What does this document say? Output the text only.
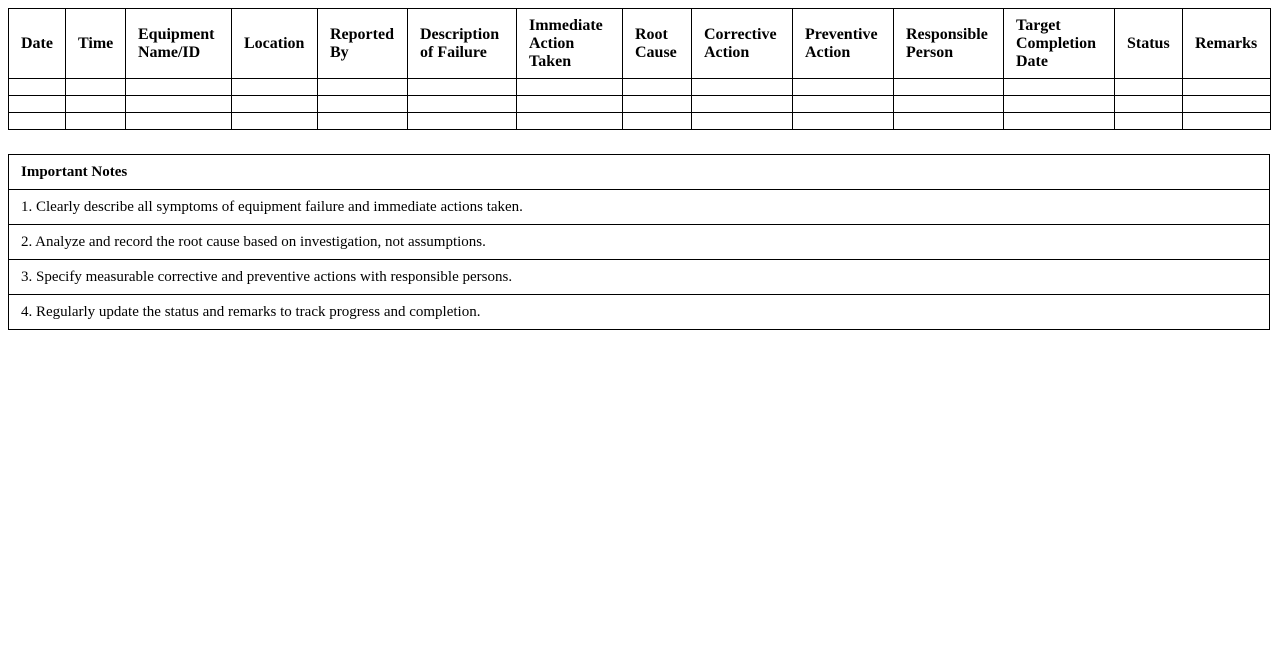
Date	Time	Equipment Name/ID	Location	Reported By	Description of Failure	Immediate Action Taken	Root Cause	Corrective Action	Preventive Action	Responsible Person	Target Completion Date	Status	Remarks

Important Notes
1. Clearly describe all symptoms of equipment failure and immediate actions taken.
2. Analyze and record the root cause based on investigation, not assumptions.
3. Specify measurable corrective and preventive actions with responsible persons.
4. Regularly update the status and remarks to track progress and completion.
